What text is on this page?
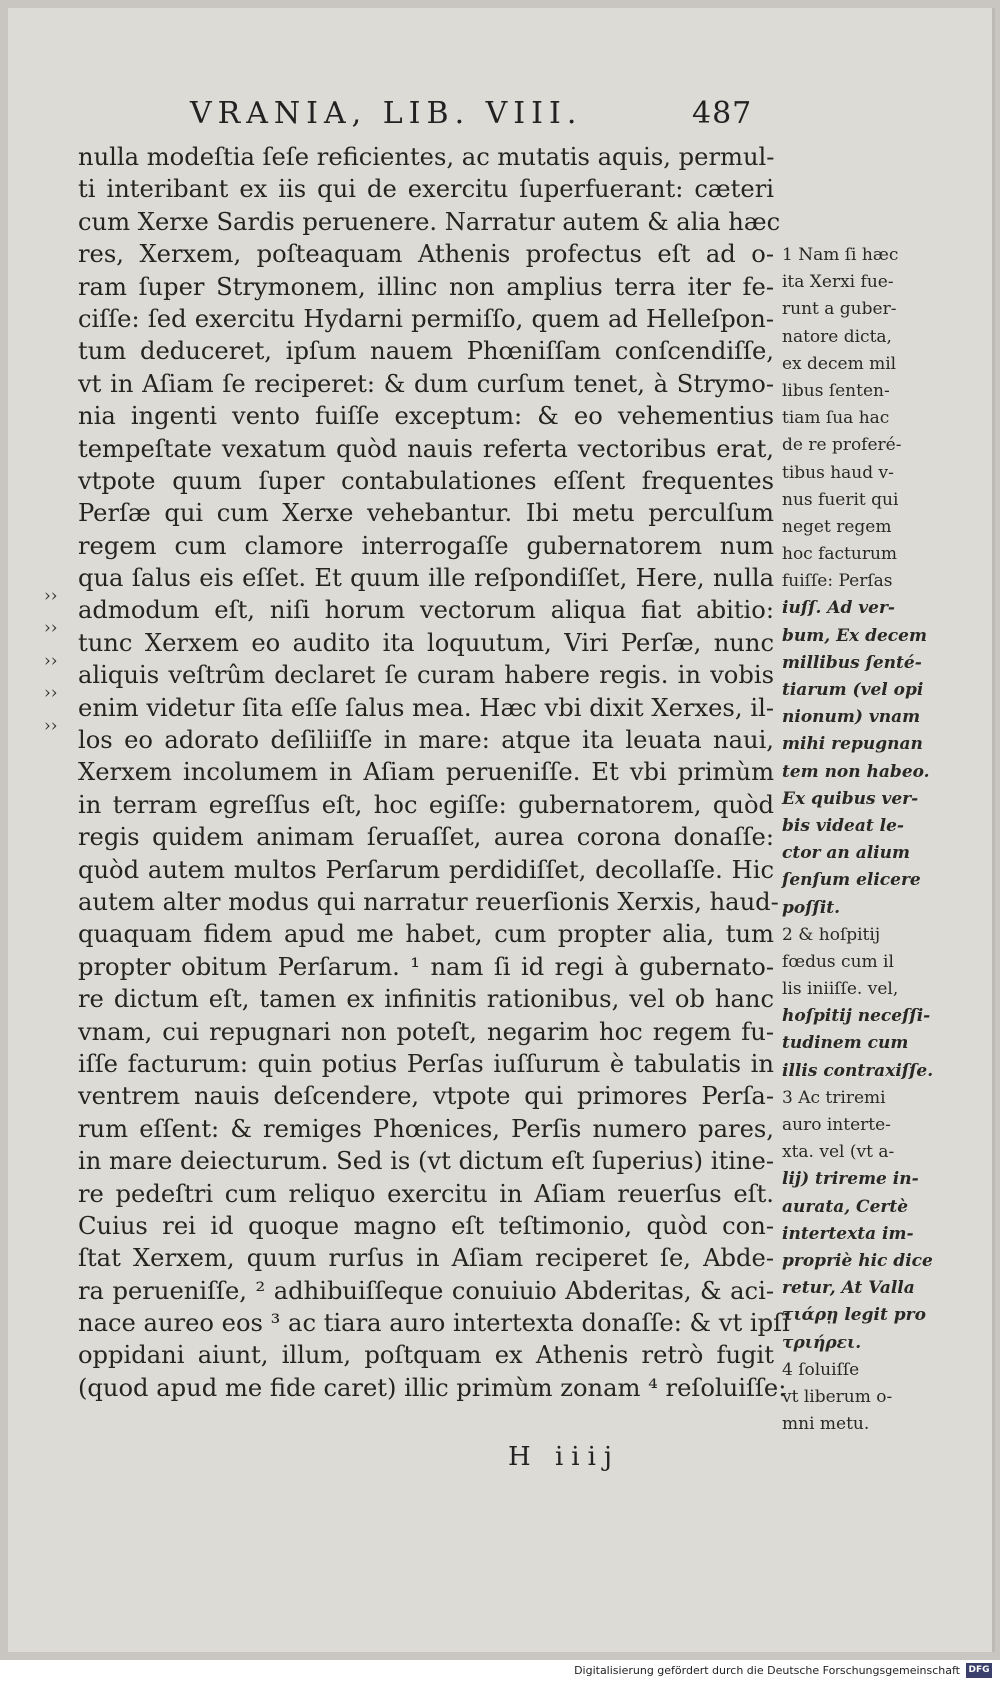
VRANIA, LIB. VIII.	487
››
››
››
››
››
nulla modeſtia ſeſe reficientes, ac mutatis aquis, permul-
ti interibant ex iis qui de exercitu ſuperfuerant: cæteri
cum Xerxe Sardis peruenere. Narratur autem & alia hæc
res, Xerxem, poſteaquam Athenis profectus eſt ad o-
ram ſuper Strymonem, illinc non amplius terra iter fe-
ciſſe: ſed exercitu Hydarni permiſſo, quem ad Helleſpon-
tum deduceret, ipſum nauem Phœniſſam conſcendiſſe,
vt in Aſiam ſe reciperet: & dum curſum tenet, à Strymo-
nia ingenti vento fuiſſe exceptum: & eo vehementius
tempeſtate vexatum quòd nauis referta vectoribus erat,
vtpote quum ſuper contabulationes eſſent frequentes
Perſæ qui cum Xerxe vehebantur. Ibi metu perculſum
regem cum clamore interrogaſſe gubernatorem num
qua ſalus eis eſſet. Et quum ille reſpondiſſet, Here, nulla
admodum eſt, niſi horum vectorum aliqua fiat abitio:
tunc Xerxem eo audito ita loquutum, Viri Perſæ, nunc
aliquis veſtrûm declaret ſe curam habere regis. in vobis
enim videtur ſita eſſe ſalus mea. Hæc vbi dixit Xerxes, il-
los eo adorato deſiliiſſe in mare: atque ita leuata naui,
Xerxem incolumem in Aſiam perueniſſe. Et vbi primùm
in terram egreſſus eſt, hoc egiſſe: gubernatorem, quòd
regis quidem animam ſeruaſſet, aurea corona donaſſe:
quòd autem multos Perſarum perdidiſſet, decollaſſe. Hic
autem alter modus qui narratur reuerſionis Xerxis, haud-
quaquam fidem apud me habet, cum propter alia, tum
propter obitum Perſarum. ¹ nam ſi id regi à gubernato-
re dictum eſt, tamen ex infinitis rationibus, vel ob hanc
vnam, cui repugnari non poteſt, negarim hoc regem fu-
iſſe facturum: quin potius Perſas iuſſurum è tabulatis in
ventrem nauis deſcendere, vtpote qui primores Perſa-
rum eſſent: & remiges Phœnices, Perſis numero pares,
in mare deiecturum. Sed is (vt dictum eſt ſuperius) itine-
re pedeſtri cum reliquo exercitu in Aſiam reuerſus eſt.
Cuius rei id quoque magno eſt teſtimonio, quòd con-
ſtat Xerxem, quum rurſus in Aſiam reciperet ſe, Abde-
ra perueniſſe, ² adhibuiſſeque conuiuio Abderitas, & aci-
nace aureo eos ³ ac tiara auro intertexta donaſſe: & vt ipſi
oppidani aiunt, illum, poſtquam ex Athenis retrò fugit
(quod apud me fide caret) illic primùm zonam ⁴ reſoluiſſe:
1 Nam ſi hæc
ita Xerxi fue-
runt a guber-
natore dicta,
ex decem mil
libus ſenten-
tiam ſua hac
de re proferé-
tibus haud v-
nus fuerit qui
neget regem
hoc facturum
fuiſſe: Perſas
iuſſ. Ad ver-
bum, Ex decem
millibus ſenté-
tiarum (vel opi
nionum) vnam
mihi repugnan
tem non habeo.
Ex quibus ver-
bis videat le-
ctor an alium
ſenſum elicere
poſſit.
2 & hoſpitij
fœdus cum il
lis iniiſſe. vel,
hoſpitij neceſſi-
tudinem cum
illis contraxiſſe.
3 Ac triremi
auro interte-
xta. vel (vt a-
lij) trireme in-
aurata, Certè
intertexta im-
propriè hic dice
retur, At Valla
τιάρῃ legit pro
τριήρει.
4 ſoluiſſe
vt liberum o-
mni metu.
H iiij
Digitalisierung gefördert durch die Deutsche Forschungsgemeinschaft DFG
